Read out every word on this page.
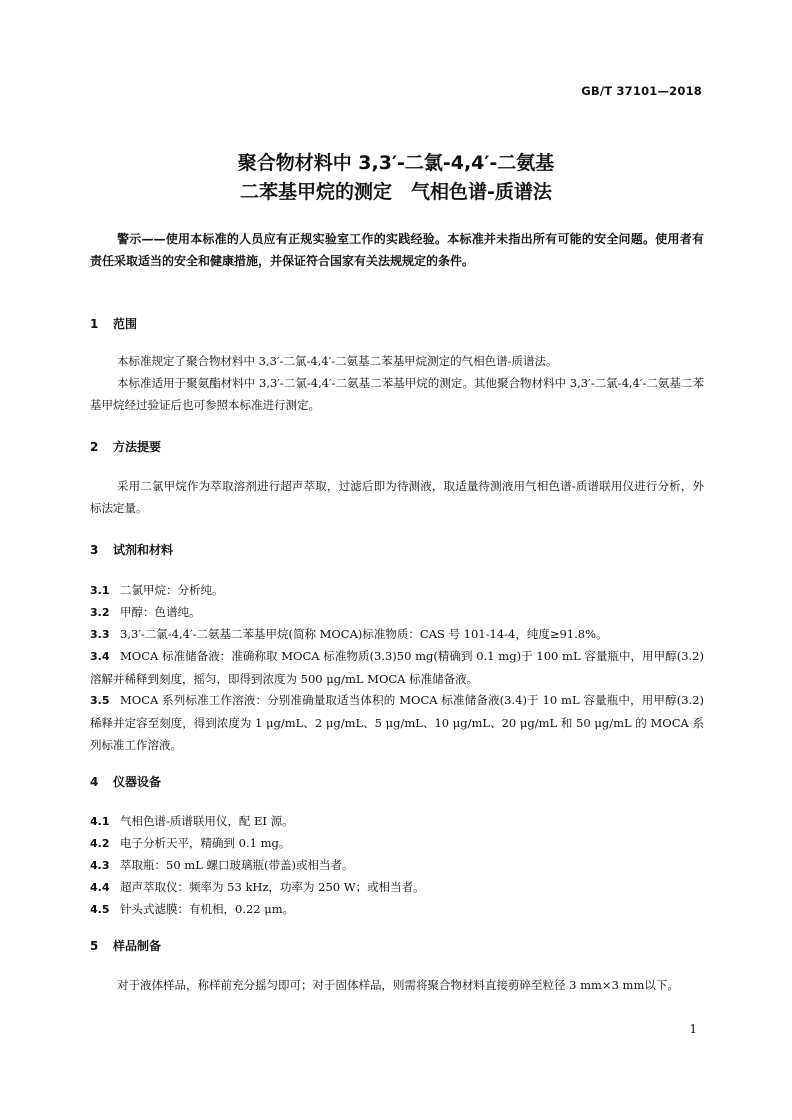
GB/T 37101—2018
聚合物材料中 3,3′-二氯-4,4′-二氨基
二苯基甲烷的测定　气相色谱-质谱法
警示——使用本标准的人员应有正规实验室工作的实践经验。本标准并未指出所有可能的安全问题。使用者有责任采取适当的安全和健康措施，并保证符合国家有关法规规定的条件。
1 范围
本标准规定了聚合物材料中 3,3′-二氯-4,4′-二氨基二苯基甲烷测定的气相色谱-质谱法。
本标准适用于聚氨酯材料中 3,3′-二氯-4,4′-二氨基二苯基甲烷的测定。其他聚合物材料中 3,3′-二氯-4,4′-二氨基二苯基甲烷经过验证后也可参照本标准进行测定。
2 方法提要
采用二氯甲烷作为萃取溶剂进行超声萃取，过滤后即为待测液，取适量待测液用气相色谱-质谱联用仪进行分析，外标法定量。
3 试剂和材料
3.1 二氯甲烷：分析纯。
3.2 甲醇：色谱纯。
3.3 3,3′-二氯-4,4′-二氨基二苯基甲烷(简称 MOCA)标准物质：CAS 号 101-14-4，纯度≥91.8%。
3.4 MOCA 标准储备液：准确称取 MOCA 标准物质(3.3)50 mg(精确到 0.1 mg)于 100 mL 容量瓶中，用甲醇(3.2)溶解并稀释到刻度，摇匀，即得到浓度为 500 μg/mL MOCA 标准储备液。
3.5 MOCA 系列标准工作溶液：分别准确量取适当体积的 MOCA 标准储备液(3.4)于 10 mL 容量瓶中，用甲醇(3.2)稀释并定容至刻度，得到浓度为 1 μg/mL、2 μg/mL、5 μg/mL、10 μg/mL、20 μg/mL 和 50 μg/mL 的 MOCA 系列标准工作溶液。
4 仪器设备
4.1 气相色谱-质谱联用仪，配 EI 源。
4.2 电子分析天平，精确到 0.1 mg。
4.3 萃取瓶：50 mL 螺口玻璃瓶(带盖)或相当者。
4.4 超声萃取仪：频率为 53 kHz，功率为 250 W；或相当者。
4.5 针头式滤膜：有机相，0.22 μm。
5 样品制备
对于液体样品，称样前充分摇匀即可；对于固体样品，则需将聚合物材料直接剪碎至粒径 3 mm×3 mm以下。
1
